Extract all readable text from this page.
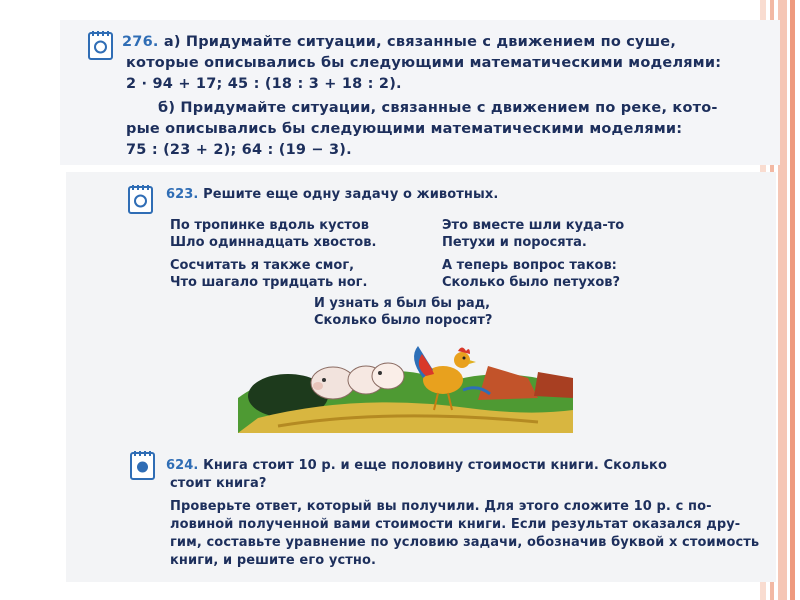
276. а) Придумайте ситуации, связанные с движением по суше,
которые описывались бы следующими математическими моделями:
2 · 94 + 17; 45 : (18 : 3 + 18 : 2).
б) Придумайте ситуации, связанные с движением по реке, кото-
рые описывались бы следующими математическими моделями:
75 : (23 + 2); 64 : (19 − 3).
623. Решите еще одну задачу о животных.
По тропинке вдоль кустов
Шло одиннадцать хвостов.
Сосчитать я также смог,
Что шагало тридцать ног.
Это вместе шли куда-то
Петухи и поросята.
А теперь вопрос таков:
Сколько было петухов?
И узнать я был бы рад,
Сколько было поросят?
624. Книга стоит 10 р. и еще половину стоимости книги. Сколько
стоит книга?
Проверьте ответ, который вы получили. Для этого сложите 10 р. с по-
ловиной полученной вами стоимости книги. Если результат оказался дру-
гим, составьте уравнение по условию задачи, обозначив буквой x стоимость
книги, и решите его устно.
